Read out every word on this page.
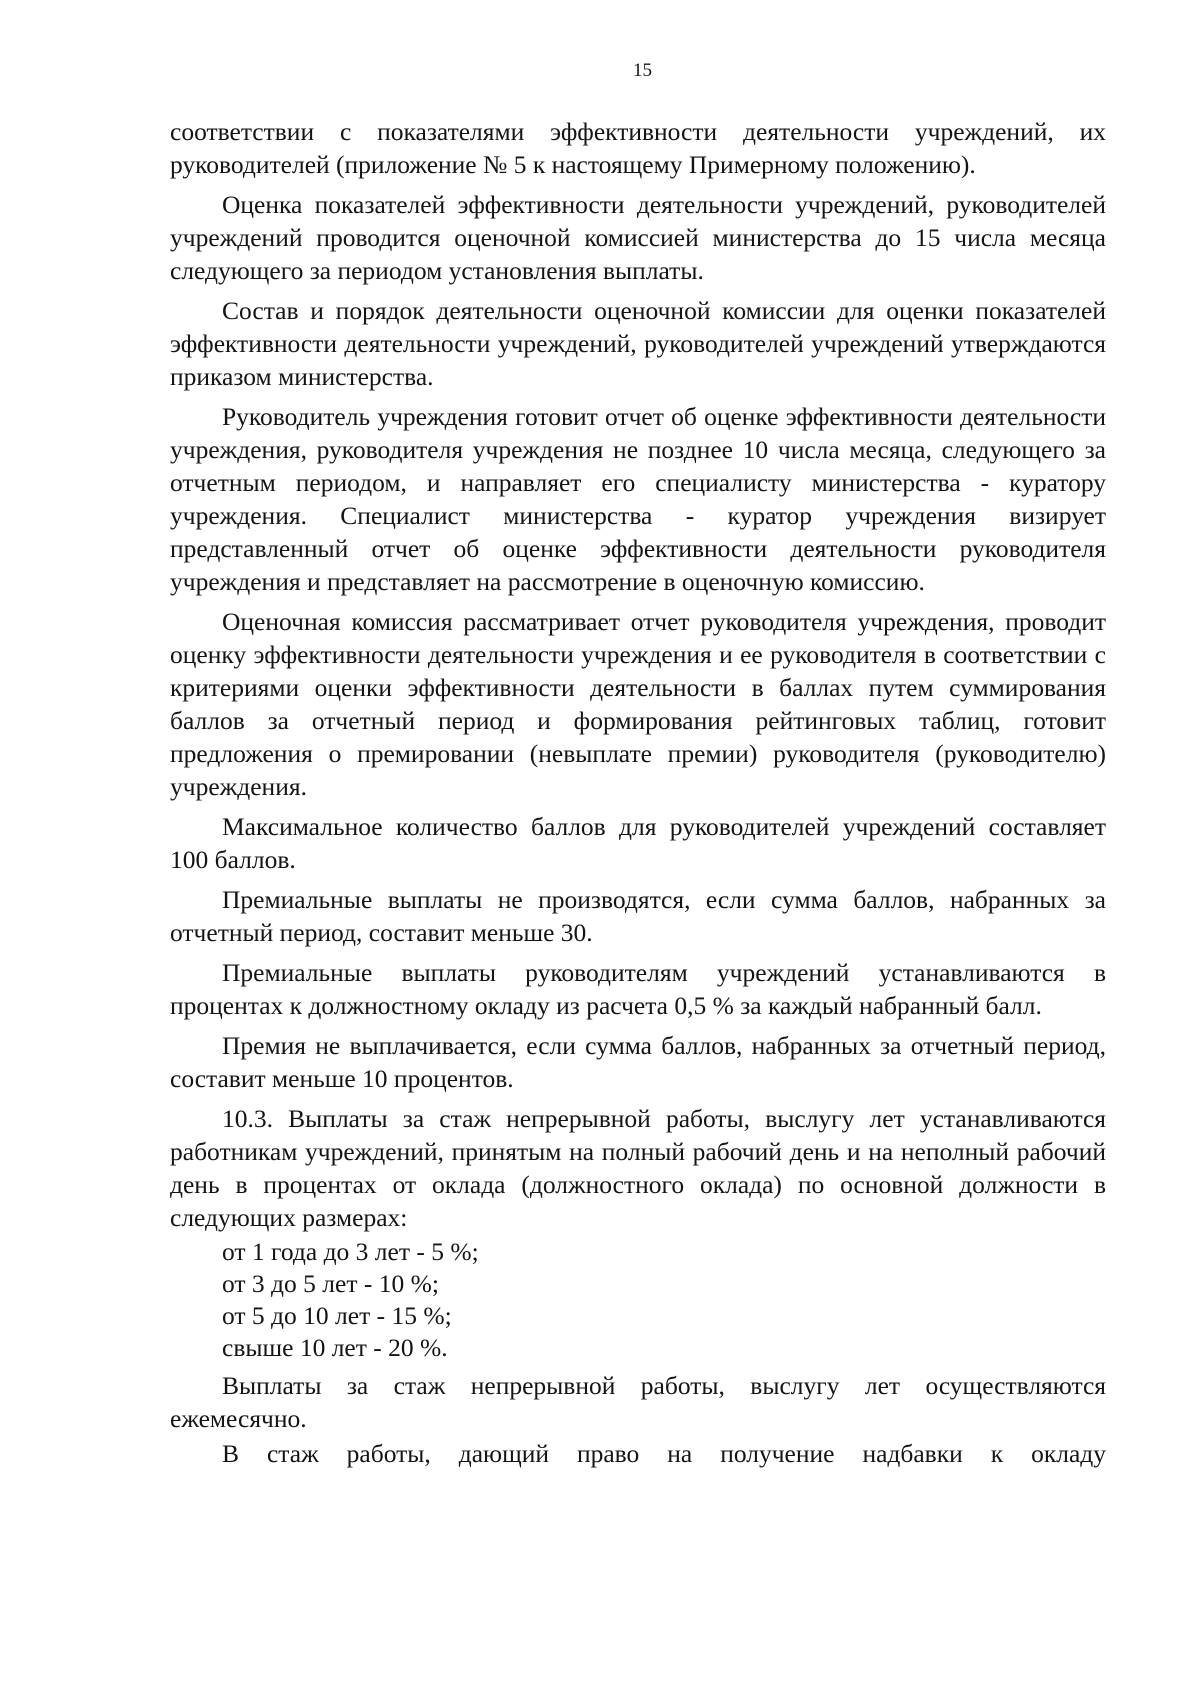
15

соответствии с показателями эффективности деятельности учреждений, их руководителей (приложение № 5 к настоящему Примерному положению).

Оценка показателей эффективности деятельности учреждений, руководителей учреждений проводится оценочной комиссией министерства до 15 числа месяца следующего за периодом установления выплаты.

Состав и порядок деятельности оценочной комиссии для оценки показателей эффективности деятельности учреждений, руководителей учреждений утверждаются приказом министерства.

Руководитель учреждения готовит отчет об оценке эффективности деятельности учреждения, руководителя учреждения не позднее 10 числа месяца, следующего за отчетным периодом, и направляет его специалисту министерства - куратору учреждения. Специалист министерства - куратор учреждения визирует представленный отчет об оценке эффективности деятельности руководителя учреждения и представляет на рассмотрение в оценочную комиссию.

Оценочная комиссия рассматривает отчет руководителя учреждения, проводит оценку эффективности деятельности учреждения и ее руководителя в соответствии с критериями оценки эффективности деятельности в баллах путем суммирования баллов за отчетный период и формирования рейтинговых таблиц, готовит предложения о премировании (невыплате премии) руководителя (руководителю) учреждения.

Максимальное количество баллов для руководителей учреждений составляет 100 баллов.

Премиальные выплаты не производятся, если сумма баллов, набранных за отчетный период, составит меньше 30.

Премиальные выплаты руководителям учреждений устанавливаются в процентах к должностному окладу из расчета 0,5 % за каждый набранный балл.

Премия не выплачивается, если сумма баллов, набранных за отчетный период, составит меньше 10 процентов.

10.3. Выплаты за стаж непрерывной работы, выслугу лет устанавливаются работникам учреждений, принятым на полный рабочий день и на неполный рабочий день в процентах от оклада (должностного оклада) по основной должности в следующих размерах:

от 1 года до 3 лет - 5 %;

от 3 до 5 лет - 10 %;

от 5 до 10 лет - 15 %;

свыше 10 лет - 20 %.

Выплаты за стаж непрерывной работы, выслугу лет осуществляются ежемесячно.

В стаж работы, дающий право на получение надбавки к окладу
